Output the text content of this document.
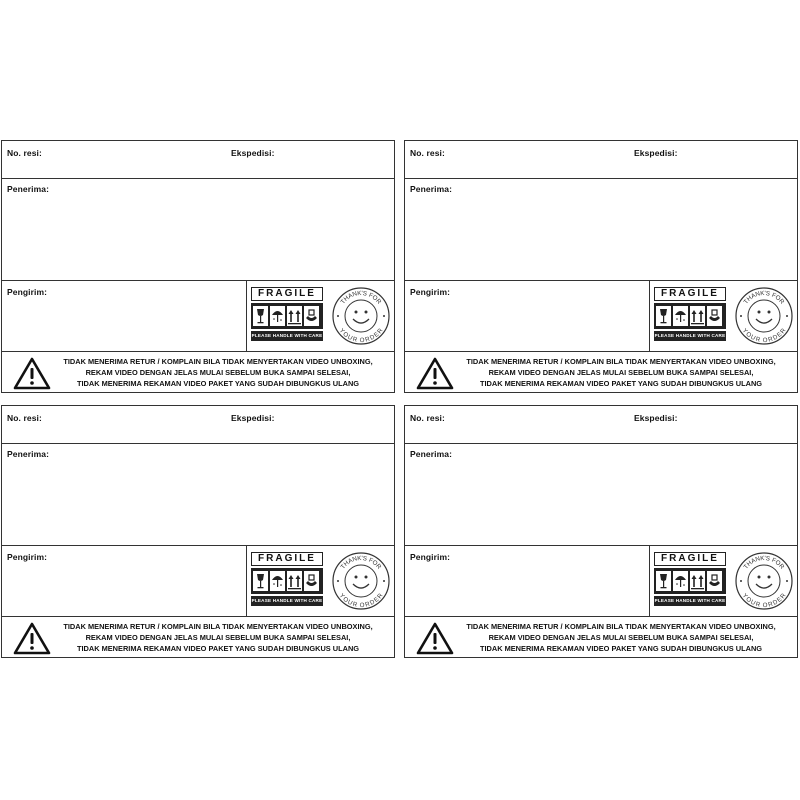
No. resi:	Ekspedisi:
Penerima:
Pengirim:	FRAGILE
PLEASE HANDLE WITH CARE
THANK'S FOR
YOUR ORDER
TIDAK MENERIMA RETUR / KOMPLAIN BILA TIDAK MENYERTAKAN VIDEO UNBOXING,
REKAM VIDEO DENGAN JELAS MULAI SEBELUM BUKA SAMPAI SELESAI,
TIDAK MENERIMA REKAMAN VIDEO PAKET YANG SUDAH DIBUNGKUS ULANG
No. resi:	Ekspedisi:
Penerima:
Pengirim:	FRAGILE
PLEASE HANDLE WITH CARE
THANK'S FOR
YOUR ORDER
TIDAK MENERIMA RETUR / KOMPLAIN BILA TIDAK MENYERTAKAN VIDEO UNBOXING,
REKAM VIDEO DENGAN JELAS MULAI SEBELUM BUKA SAMPAI SELESAI,
TIDAK MENERIMA REKAMAN VIDEO PAKET YANG SUDAH DIBUNGKUS ULANG
No. resi:	Ekspedisi:
Penerima:
Pengirim:	FRAGILE
PLEASE HANDLE WITH CARE
THANK'S FOR
YOUR ORDER
TIDAK MENERIMA RETUR / KOMPLAIN BILA TIDAK MENYERTAKAN VIDEO UNBOXING,
REKAM VIDEO DENGAN JELAS MULAI SEBELUM BUKA SAMPAI SELESAI,
TIDAK MENERIMA REKAMAN VIDEO PAKET YANG SUDAH DIBUNGKUS ULANG
No. resi:	Ekspedisi:
Penerima:
Pengirim:	FRAGILE
PLEASE HANDLE WITH CARE
THANK'S FOR
YOUR ORDER
TIDAK MENERIMA RETUR / KOMPLAIN BILA TIDAK MENYERTAKAN VIDEO UNBOXING,
REKAM VIDEO DENGAN JELAS MULAI SEBELUM BUKA SAMPAI SELESAI,
TIDAK MENERIMA REKAMAN VIDEO PAKET YANG SUDAH DIBUNGKUS ULANG
